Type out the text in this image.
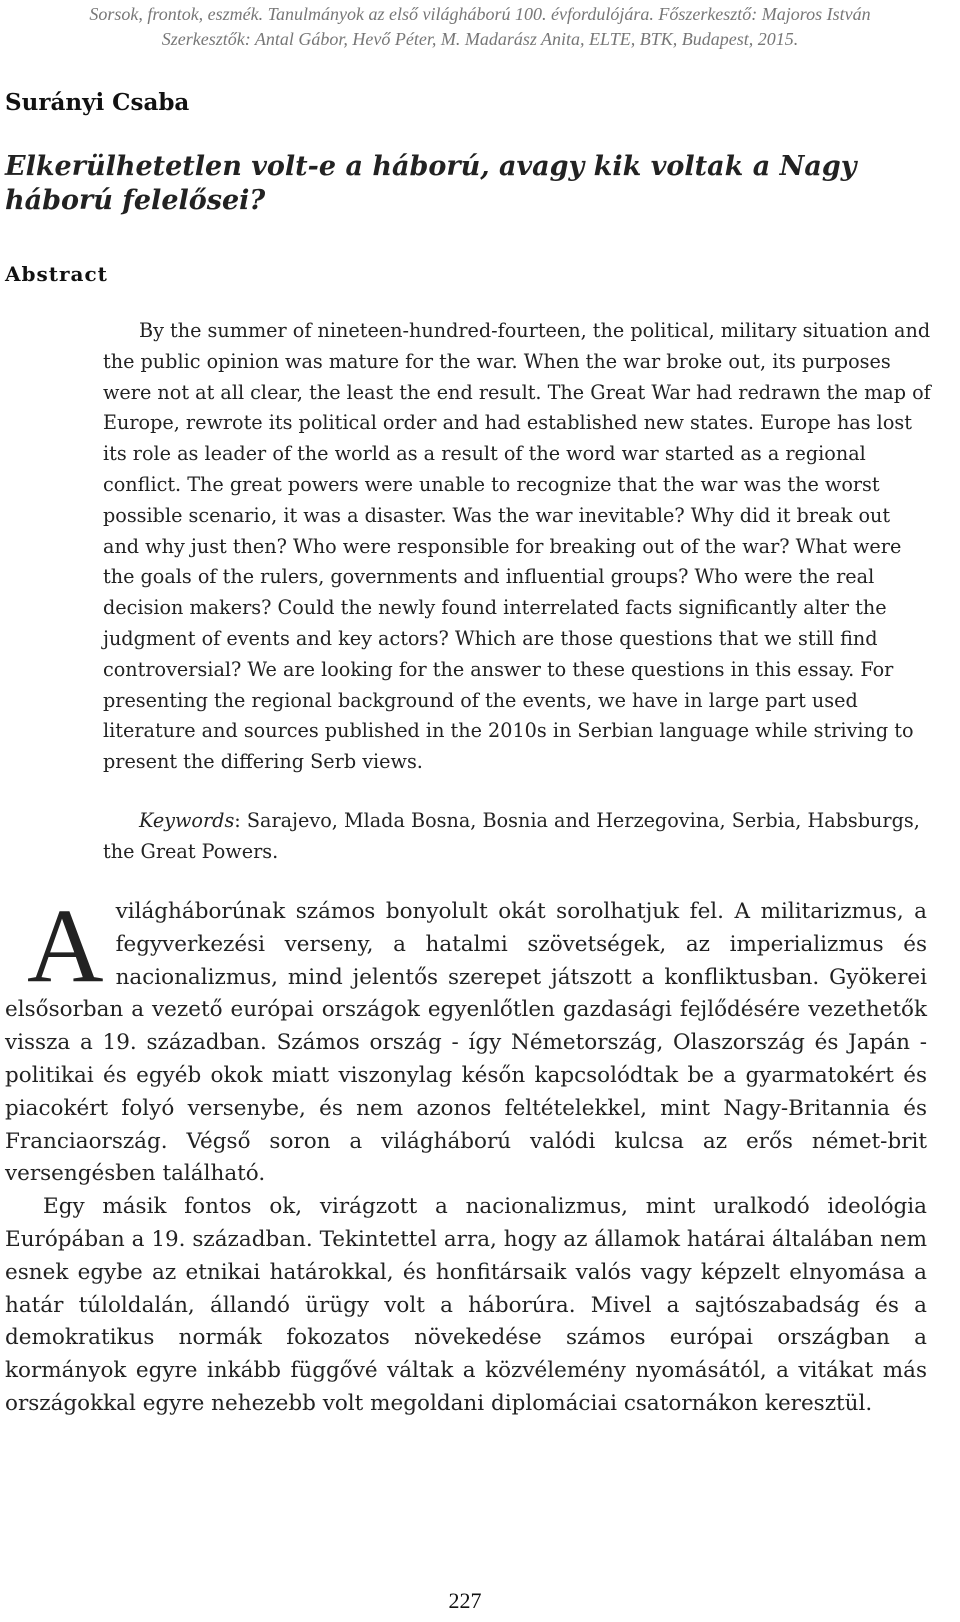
Sorsok, frontok, eszmék. Tanulmányok az első világháború 100. évfordulójára. Főszerkesztő: Majoros István
Szerkesztők: Antal Gábor, Hevő Péter, M. Madarász Anita, ELTE, BTK, Budapest, 2015.
Surányi Csaba
Elkerülhetetlen volt-e a háború, avagy kik voltak a Nagy háború felelősei?
Abstract

By the summer of nineteen-hundred-fourteen, the political, military situation and the public opinion was mature for the war. When the war broke out, its purposes were not at all clear, the least the end result. The Great War had redrawn the map of Europe, rewrote its political order and had established new states. Europe has lost its role as leader of the world as a result of the word war started as a regional conflict. The great powers were unable to recognize that the war was the worst possible scenario, it was a disaster. Was the war inevitable? Why did it break out and why just then? Who were responsible for breaking out of the war? What were the goals of the rulers, governments and influential groups? Who were the real decision makers? Could the newly found interrelated facts significantly alter the judgment of events and key actors? Which are those questions that we still find controversial? We are looking for the answer to these questions in this essay. For presenting the regional background of the events, we have in large part used literature and sources published in the 2010s in Serbian language while striving to present the differing Serb views.

Keywords: Sarajevo, Mlada Bosna, Bosnia and Herzegovina, Serbia, Habsburgs, the Great Powers.

A világháborúnak számos bonyolult okát sorolhatjuk fel. A militarizmus, a fegyverkezési verseny, a hatalmi szövetségek, az imperializmus és nacionalizmus, mind jelentős szerepet játszott a konfliktusban. Gyökerei elsősorban a vezető európai országok egyenlőtlen gazdasági fejlődésére vezethetők vissza a 19. században. Számos ország - így Németország, Olaszország és Japán - politikai és egyéb okok miatt viszonylag későn kapcsolódtak be a gyarmatokért és piacokért folyó versenybe, és nem azonos feltételekkel, mint Nagy-Britannia és Franciaország. Végső soron a világháború valódi kulcsa az erős német-brit versengésben található.

Egy másik fontos ok, virágzott a nacionalizmus, mint uralkodó ideológia Európában a 19. században. Tekintettel arra, hogy az államok határai általában nem esnek egybe az etnikai határokkal, és honfitársaik valós vagy képzelt elnyomása a határ túloldalán, állandó ürügy volt a háborúra. Mivel a sajtószabadság és a demokratikus normák fokozatos növekedése számos európai országban a kormányok egyre inkább függővé váltak a közvélemény nyomásától, a vitákat más országokkal egyre nehezebb volt megoldani diplomáciai csatornákon keresztül.

227
